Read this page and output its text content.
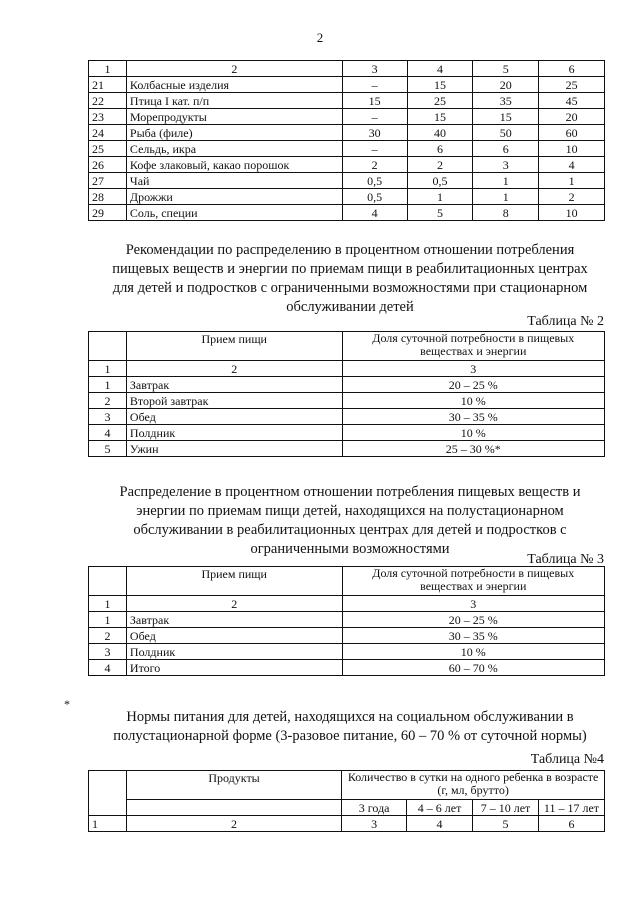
2
1	2	3	4	5	6
21	Колбасные изделия	–	15	20	25
22	Птица I кат. п/п	15	25	35	45
23	Морепродукты	–	15	15	20
24	Рыба (филе)	30	40	50	60
25	Сельдь, икра	–	6	6	10
26	Кофе злаковый, какао порошок	2	2	3	4
27	Чай	0,5	0,5	1	1
28	Дрожжи	0,5	1	1	2
29	Соль, специи	4	5	8	10
Рекомендации по распределению в процентном отношении потребления
пищевых веществ и энергии по приемам пищи в реабилитационных центрах
для детей и подростков с ограниченными возможностями при стационарном
обслуживании детей
Таблица № 2
	Прием пищи	Доля суточной потребности в пищевых
веществах и энергии

1	2	3
1	Завтрак	20 – 25 %
2	Второй завтрак	10 %
3	Обед	30 – 35 %
4	Полдник	10 %
5	Ужин	25 – 30 %*
Распределение в процентном отношении потребления пищевых веществ и
энергии по приемам пищи детей, находящихся на полустационарном
обслуживании в реабилитационных центрах для детей и подростков с
ограниченными возможностями
Таблица № 3
	Прием пищи	Доля суточной потребности в пищевых
веществах и энергии

1	2	3
1	Завтрак	20 – 25 %
2	Обед	30 – 35 %
3	Полдник	10 %
4	Итого	60 – 70 %
*
Нормы питания для детей, находящихся на социальном обслуживании в
полустационарной форме (3-разовое питание, 60 – 70 % от суточной нормы)
Таблица №4
	Продукты	Количество в сутки на одного ребенка в возрасте
(г, мл, брутто)			

		3 года	4 – 6 лет	7 – 10 лет	11 – 17 лет
1	2	3	4	5	6
